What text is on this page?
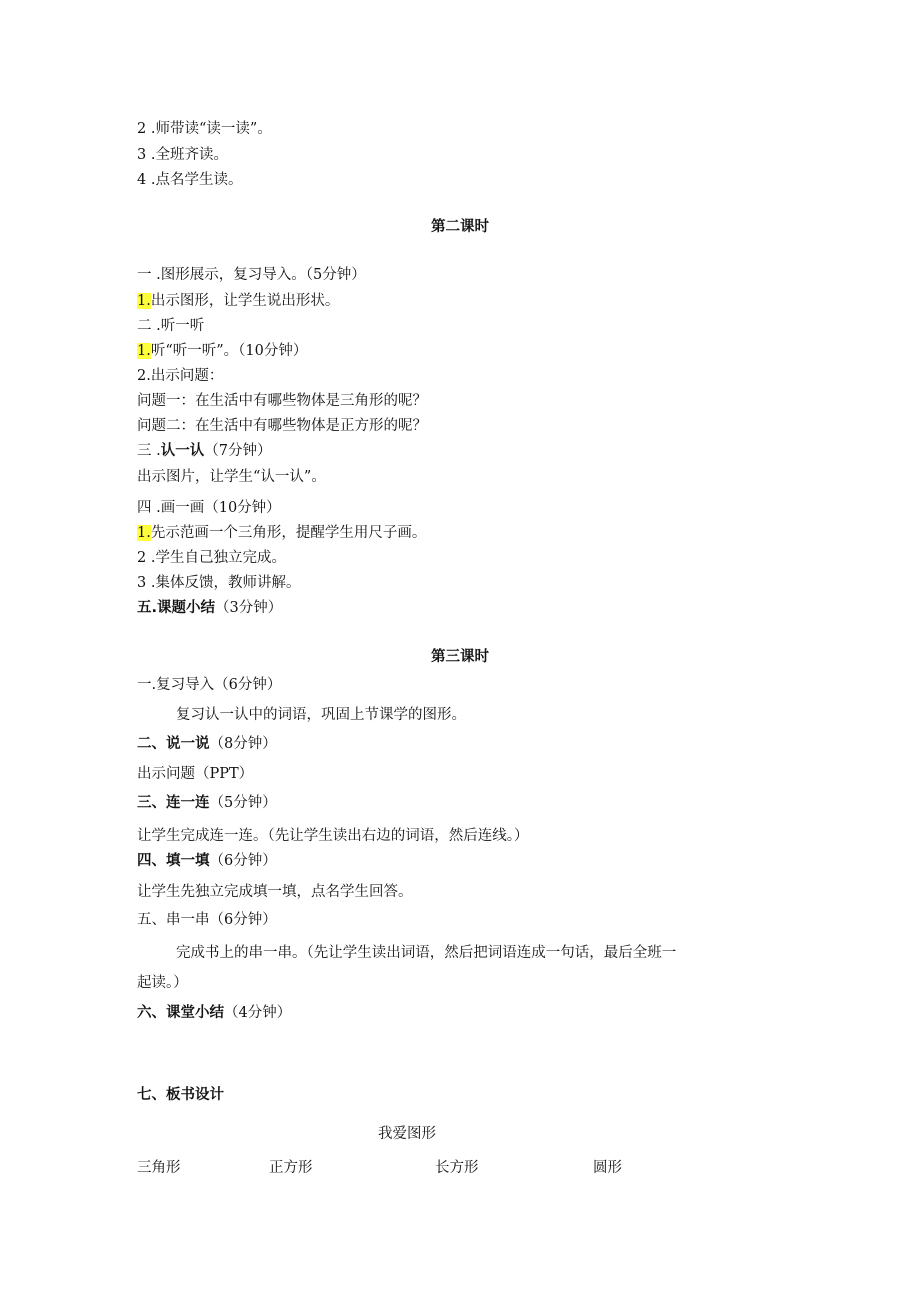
2 .师带读“读一读”。
3 .全班齐读。
4 .点名学生读。
第二课时
一 .图形展示，复习导入。（5分钟）
1.出示图形，让学生说出形状。
二 .听一听
1.听“听一听”。（10分钟）
2.出示问题：
问题一：在生活中有哪些物体是三角形的呢？
问题二：在生活中有哪些物体是正方形的呢？
三 .认一认（7分钟）
出示图片，让学生“认一认”。
四 .画一画（10分钟）
1.先示范画一个三角形，提醒学生用尺子画。
2 .学生自己独立完成。
3 .集体反馈，教师讲解。
五.课题小结（3分钟）
第三课时
一.复习导入（6分钟）
复习认一认中的词语，巩固上节课学的图形。
二、说一说（8分钟）
出示问题（PPT）
三、连一连（5分钟）
让学生完成连一连。（先让学生读出右边的词语，然后连线。）
四、填一填（6分钟）
让学生先独立完成填一填，点名学生回答。
五、串一串（6分钟）
完成书上的串一串。（先让学生读出词语，然后把词语连成一句话，最后全班一
起读。）
六、课堂小结（4分钟）
七、板书设计
我爱图形
三角形	正方形	长方形	圆形
